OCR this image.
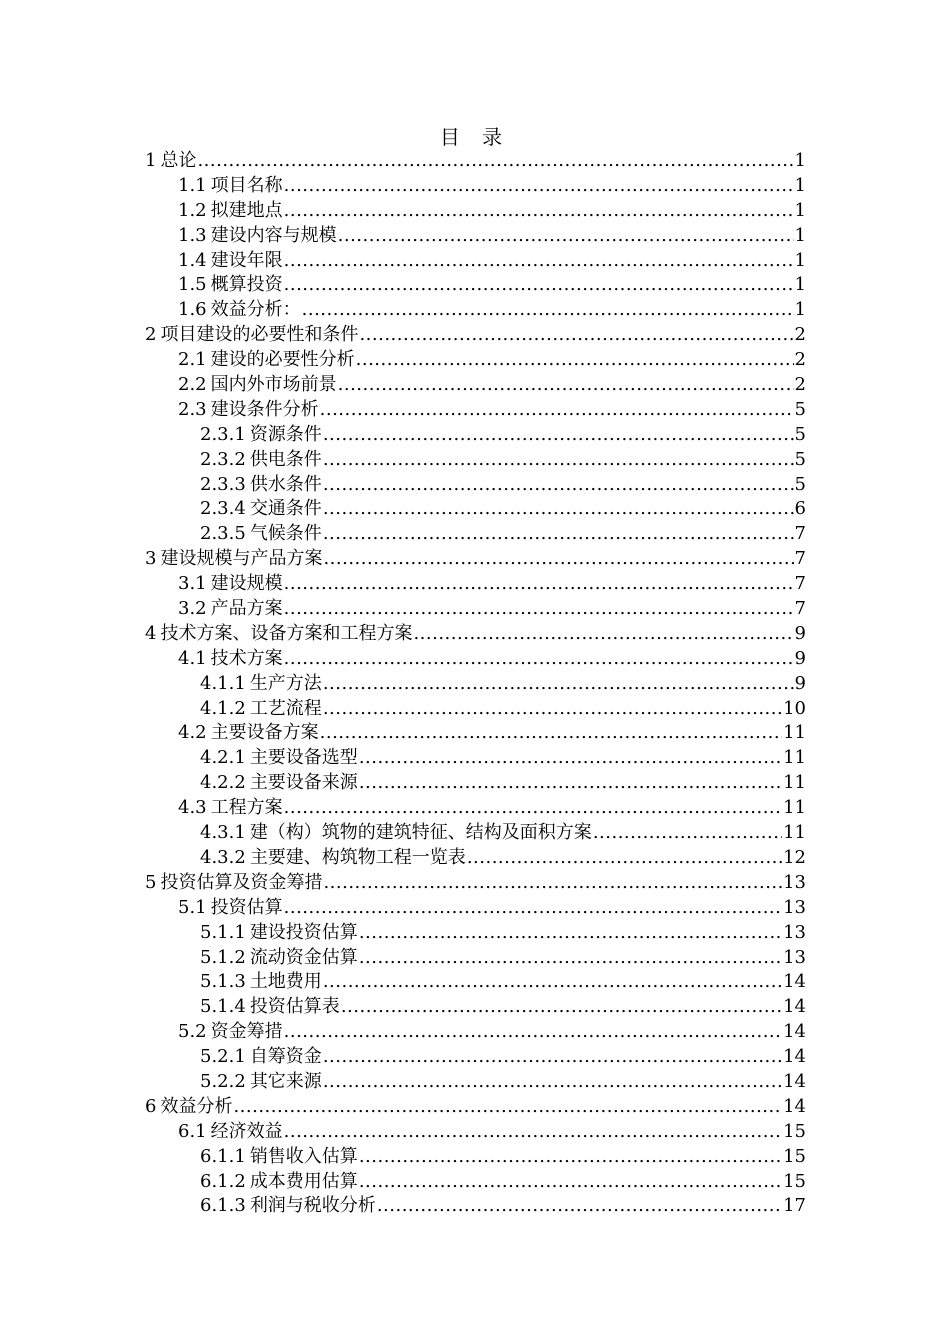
目 录
1 总论 .....	1
1.1 项目名称 .....	1
1.2 拟建地点 .....	1
1.3 建设内容与规模 .....	1
1.4 建设年限 .....	1
1.5 概算投资 .....	1
1.6 效益分析： .....	1
2 项目建设的必要性和条件 .....	2
2.1 建设的必要性分析 .....	2
2.2 国内外市场前景 .....	2
2.3 建设条件分析 .....	5
2.3.1 资源条件 .....	5
2.3.2 供电条件 .....	5
2.3.3 供水条件 .....	5
2.3.4 交通条件 .....	6
2.3.5 气候条件 .....	7
3 建设规模与产品方案 .....	7
3.1 建设规模 .....	7
3.2 产品方案 .....	7
4 技术方案、设备方案和工程方案 .....	9
4.1 技术方案 .....	9
4.1.1 生产方法 .....	9
4.1.2 工艺流程 .....	10
4.2 主要设备方案 .....	11
4.2.1 主要设备选型 .....	11
4.2.2 主要设备来源 .....	11
4.3 工程方案 .....	11
4.3.1 建（构）筑物的建筑特征、结构及面积方案 .....	11
4.3.2 主要建、构筑物工程一览表 .....	12
5 投资估算及资金筹措 .....	13
5.1 投资估算 .....	13
5.1.1 建设投资估算 .....	13
5.1.2 流动资金估算 .....	13
5.1.3 土地费用 .....	14
5.1.4 投资估算表 .....	14
5.2 资金筹措 .....	14
5.2.1 自筹资金 .....	14
5.2.2 其它来源 .....	14
6 效益分析 .....	14
6.1 经济效益 .....	15
6.1.1 销售收入估算 .....	15
6.1.2 成本费用估算 .....	15
6.1.3 利润与税收分析 .....	17
